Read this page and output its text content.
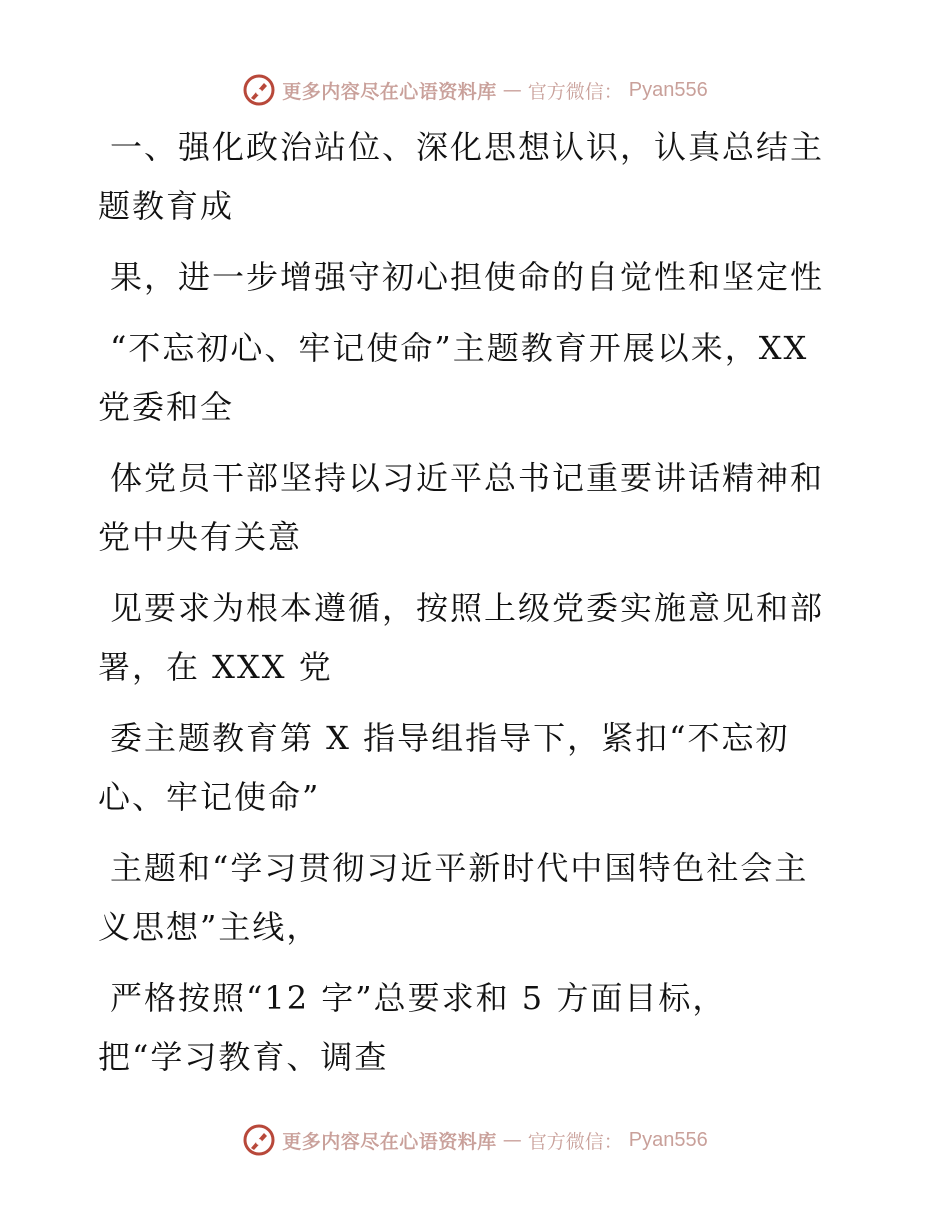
更多内容尽在心语资料库 — 官方微信： Pyan556
一、强化政治站位、深化思想认识，认真总结主
题教育成
果，进一步增强守初心担使命的自觉性和坚定性
“不忘初心、牢记使命”主题教育开展以来，XX
党委和全
体党员干部坚持以习近平总书记重要讲话精神和
党中央有关意
见要求为根本遵循，按照上级党委实施意见和部
署，在 XXX 党
委主题教育第 X 指导组指导下，紧扣“不忘初
心、牢记使命”
主题和“学习贯彻习近平新时代中国特色社会主
义思想”主线，
严格按照“12 字”总要求和 5 方面目标，
把“学习教育、调查
更多内容尽在心语资料库 — 官方微信： Pyan556
